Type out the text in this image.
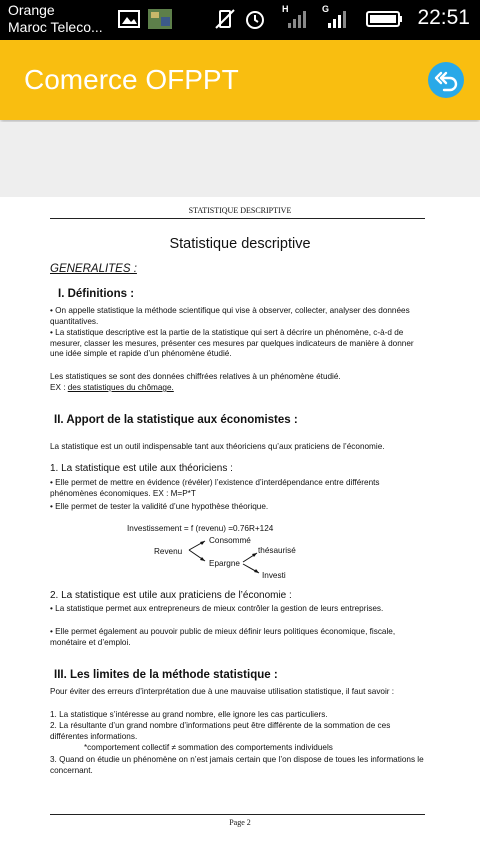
Orange
Maroc Teleco...
H	G	22:51
Comerce OFPPT
STATISTIQUE DESCRIPTIVE
Statistique descriptive
GENERALITES :
I. Définitions :
• On appelle statistique la méthode scientifique qui vise à observer, collecter, analyser des données quantitatives.
• La statistique descriptive est la partie de la statistique qui sert à décrire un phénomène, c-à-d de mesurer, classer les mesures, présenter ces mesures par quelques indicateurs de manière à donner une idée simple et rapide d’un phénomène étudié.
Les statistiques se sont des données chiffrées relatives à un phénomène étudié.
EX : des statistiques du chômage.
II. Apport de la statistique aux économistes :
La statistique est un outil indispensable tant aux théoriciens qu’aux praticiens de l’économie.
1. La statistique est utile aux théoriciens :
• Elle permet de mettre en évidence (révéler) l’existence d’interdépendance entre différents phénomènes économiques. EX : M=P*T
• Elle permet de tester la validité d’une hypothèse théorique.
Investissement = f (revenu) =0.76R+124
Consommé
Revenu	thésaurisé
Epargne
Investi
2. La statistique est utile aux praticiens de l’économie :
• La statistique permet aux entrepreneurs de mieux contrôler la gestion de leurs entreprises.
• Elle permet également au pouvoir public de mieux définir leurs politiques économique, fiscale, monétaire et d’emploi.
III. Les limites de la méthode statistique :
Pour éviter des erreurs d’interprétation due à une mauvaise utilisation statistique, il faut savoir :
1. La statistique s’intéresse au grand nombre, elle ignore les cas particuliers.
2. La résultante d’un grand nombre d’informations peut être différente de la sommation de ces différentes informations.
*comportement collectif ≠ sommation des comportements individuels
3. Quand on étudie un phénomène on n’est jamais certain que l’on dispose de toues les informations le concernant.
Page 2
